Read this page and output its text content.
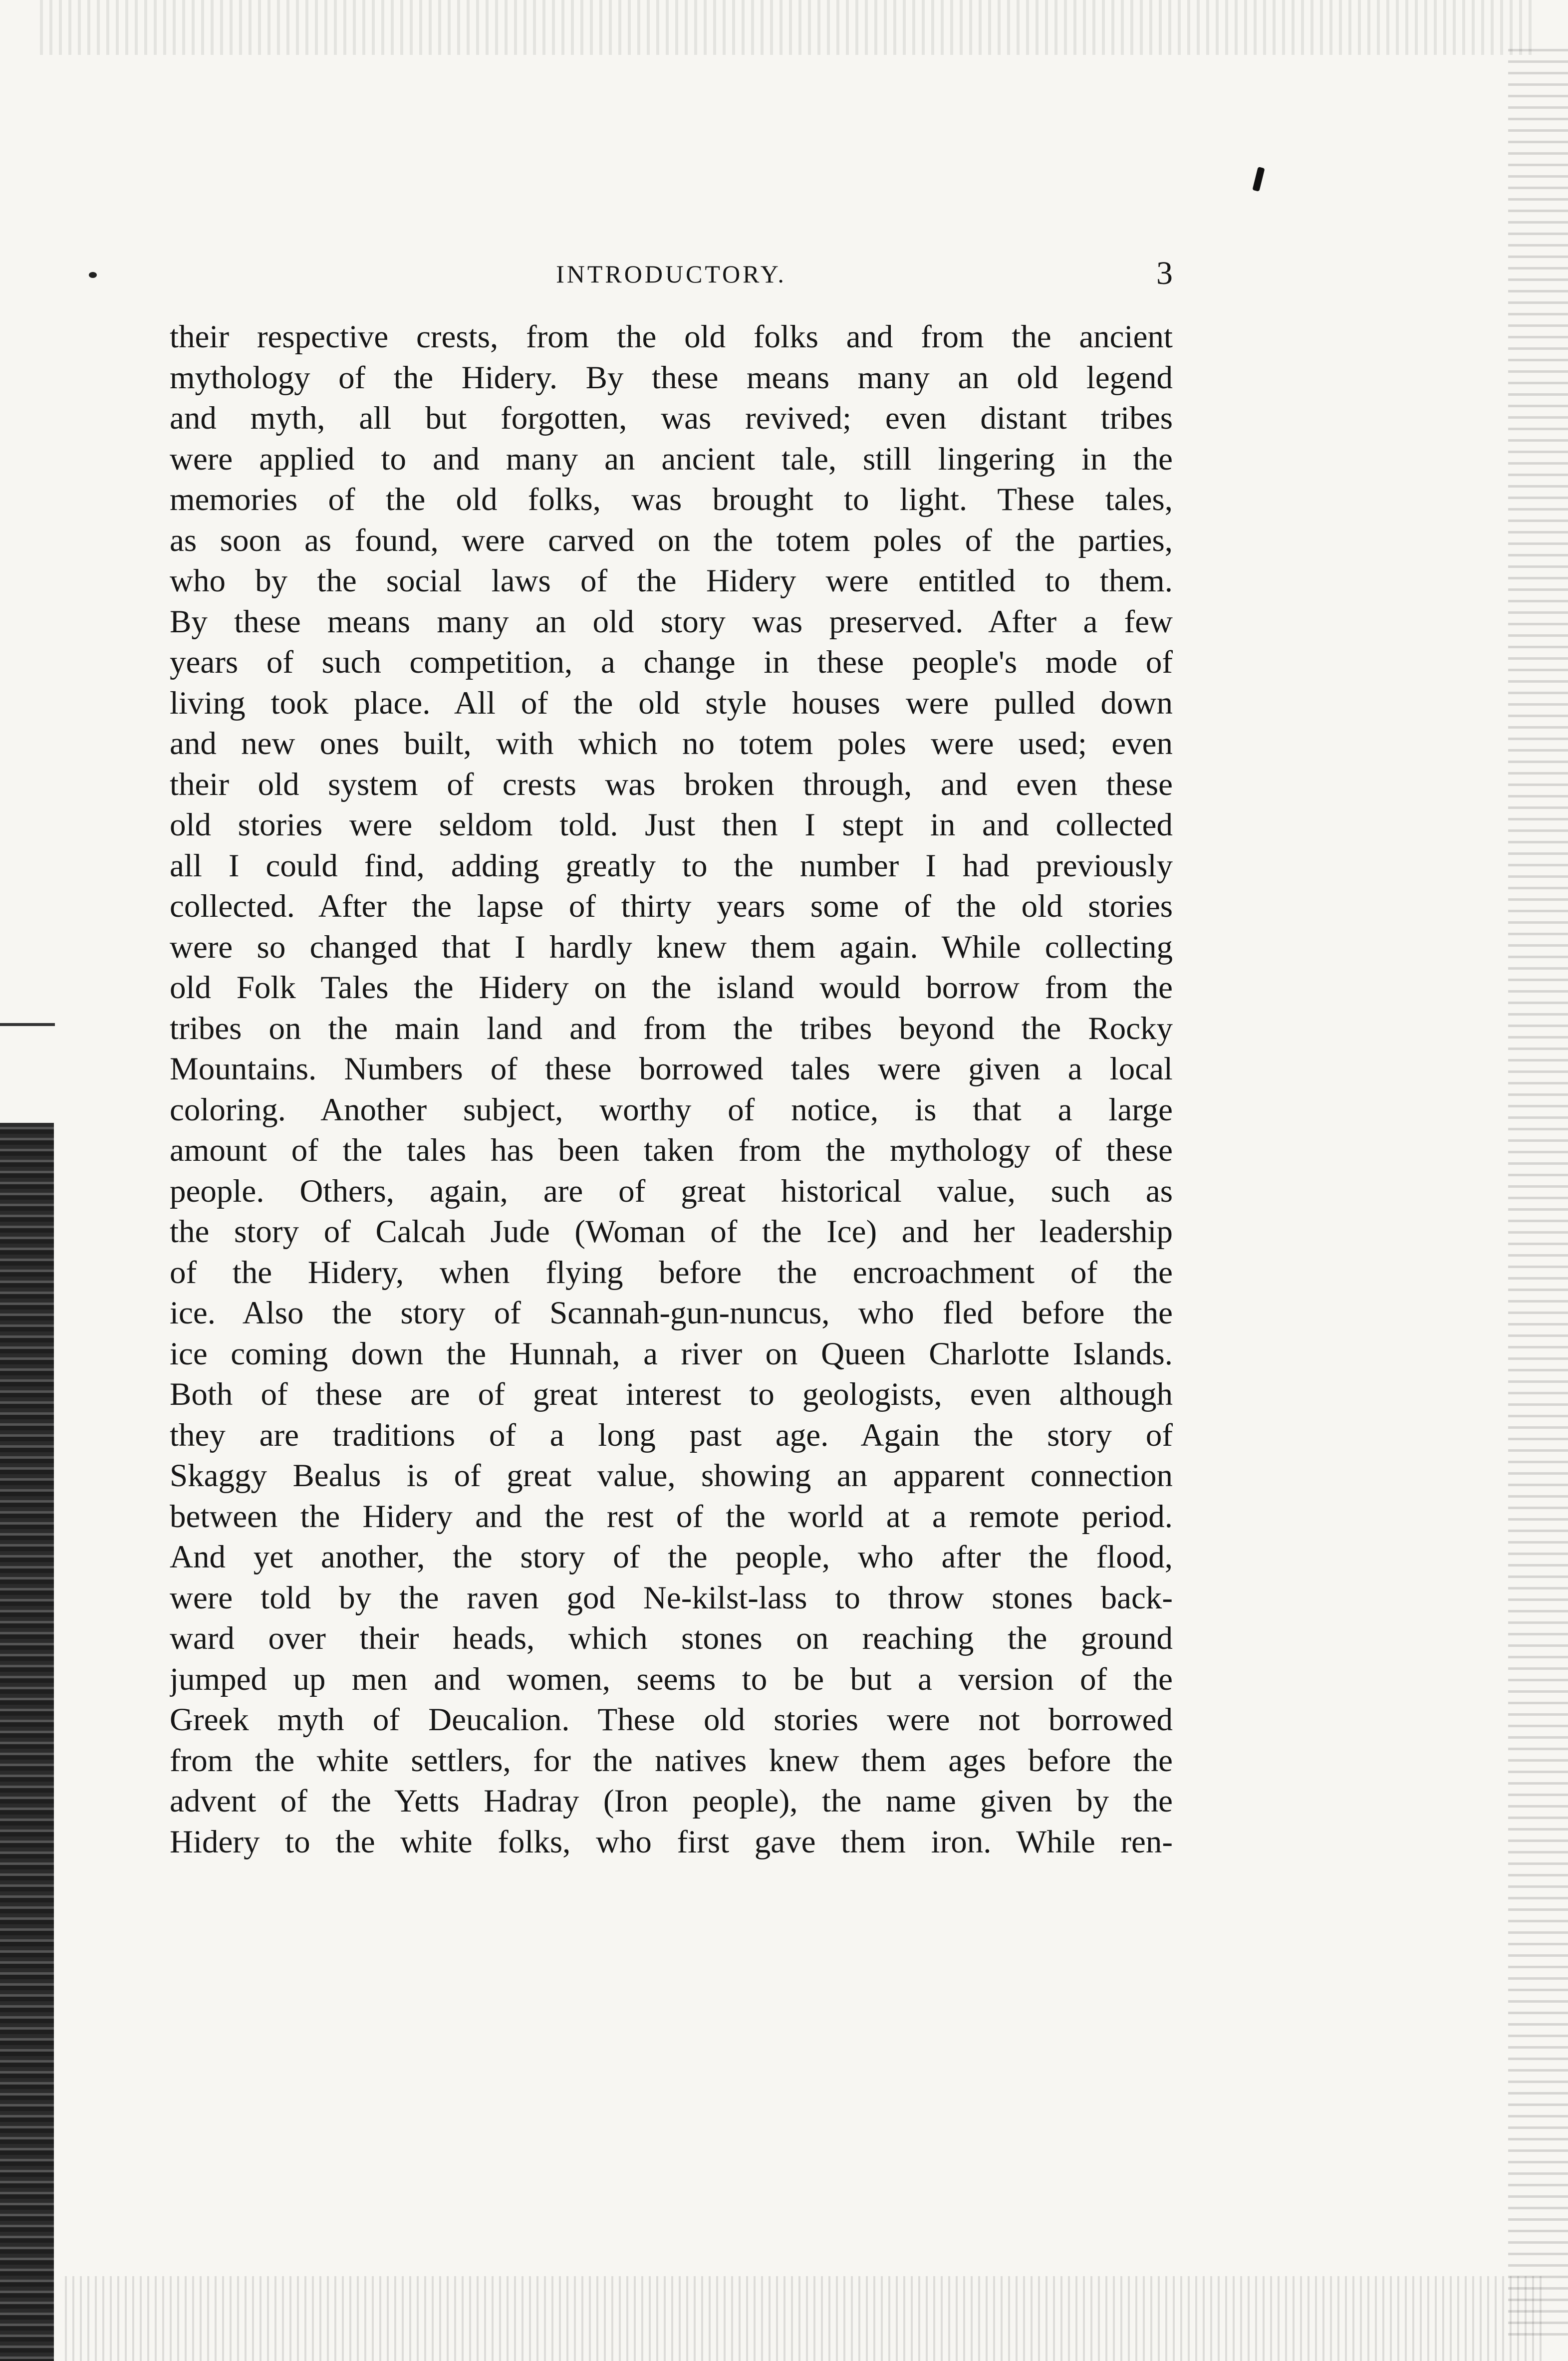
INTRODUCTORY.	3
their respective crests, from the old folks and from the ancient
mythology of the Hidery. By these means many an old legend
and myth, all but forgotten, was revived; even distant tribes
were applied to and many an ancient tale, still lingering in the
memories of the old folks, was brought to light. These tales,
as soon as found, were carved on the totem poles of the parties,
who by the social laws of the Hidery were entitled to them.
By these means many an old story was preserved. After a few
years of such competition, a change in these people's mode of
living took place. All of the old style houses were pulled down
and new ones built, with which no totem poles were used; even
their old system of crests was broken through, and even these
old stories were seldom told. Just then I stept in and collected
all I could find, adding greatly to the number I had previously
collected. After the lapse of thirty years some of the old stories
were so changed that I hardly knew them again. While collecting
old Folk Tales the Hidery on the island would borrow from the
tribes on the main land and from the tribes beyond the Rocky
Mountains. Numbers of these borrowed tales were given a local
coloring. Another subject, worthy of notice, is that a large
amount of the tales has been taken from the mythology of these
people. Others, again, are of great historical value, such as
the story of Calcah Jude (Woman of the Ice) and her leadership
of the Hidery, when flying before the encroachment of the
ice. Also the story of Scannah-gun-nuncus, who fled before the
ice coming down the Hunnah, a river on Queen Charlotte Islands.
Both of these are of great interest to geologists, even although
they are traditions of a long past age. Again the story of
Skaggy Bealus is of great value, showing an apparent connection
between the Hidery and the rest of the world at a remote period.
And yet another, the story of the people, who after the flood,
were told by the raven god Ne-kilst-lass to throw stones back-
ward over their heads, which stones on reaching the ground
jumped up men and women, seems to be but a version of the
Greek myth of Deucalion. These old stories were not borrowed
from the white settlers, for the natives knew them ages before the
advent of the Yetts Hadray (Iron people), the name given by the
Hidery to the white folks, who first gave them iron. While ren-
